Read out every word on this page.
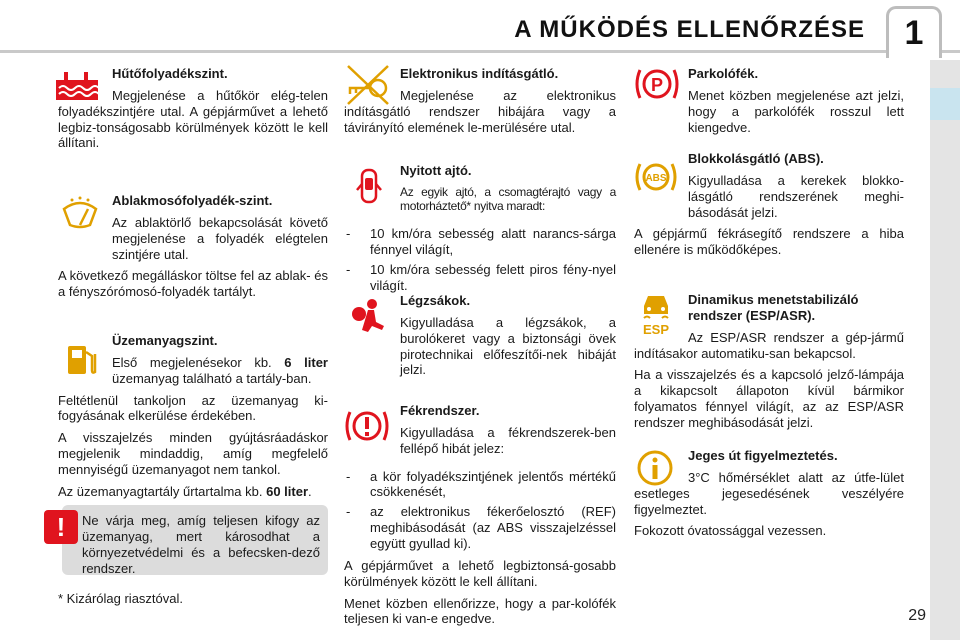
A MŰKÖDÉS ELLENŐRZÉSE	1
Hűtőfolyadékszint.

Megjelenése a hűtőkör elég-telen folyadékszintjére utal. A gépjárművet a lehető legbiz-tonságosabb körülmények között le kell állítani.

Ablakmosófolyadék-szint.

Az ablaktörlő bekapcsolását követő megjelenése a folyadék elégtelen szintjére utal.

A következő megálláskor töltse fel az ablak- és a fényszórómosó-folyadék tartályt.

Üzemanyagszint.

Első megjelenésekor kb. 6 liter üzemanyag található a tartály-ban.

Feltétlenül tankoljon az üzemanyag ki-fogyásának elkerülése érdekében.

A visszajelzés minden gyújtásráadáskor megjelenik mindaddig, amíg megfelelő mennyiségű üzemanyagot nem tankol.

Az üzemanyagtartály űrtartalma kb. 60 liter.

Ne várja meg, amíg teljesen kifogy az üzemanyag, mert károsodhat a környezetvédelmi és a befecsken-dező rendszer.

!
* Kizárólag riasztóval.
Elektronikus indításgátló.

Megjelenése az elektronikus indításgátló rendszer hibájára vagy a távirányító elemének le-merülésére utal.

Nyitott ajtó.

Az egyik ajtó, a csomagtérajtó vagy a motorháztető* nyitva maradt:

- 10 km/óra sebesség alatt narancs-sárga fénnyel világít,

- 10 km/óra sebesség felett piros fény-nyel világít.

Légzsákok.

Kigyulladása a légzsákok, a burolókeret vagy a biztonsági övek pirotechnikai előfeszítői-nek hibáját jelzi.

Fékrendszer.

Kigyulladása a fékrendszerek-ben fellépő hibát jelez:

- a kör folyadékszintjének jelentős mértékű csökkenését,

- az elektronikus fékerőelosztó (REF) meghibásodását (az ABS visszajelzéssel együtt gyullad ki).

A gépjárművet a lehető legbiztonsá-gosabb körülmények között le kell állítani.

Menet közben ellenőrizze, hogy a par-kolófék teljesen ki van-e engedve.

P
Parkolófék.

Menet közben megjelenése azt jelzi, hogy a parkolófék rosszul lett kiengedve.

ABS
Blokkolásgátló (ABS).

Kigyulladása a kerekek blokko-lásgátló rendszerének meghi-básodását jelzi.

A gépjármű fékrásegítő rendszere a hiba ellenére is működőképes.

ESP
Dinamikus menetstabilizáló rendszer (ESP/ASR).

Az ESP/ASR rendszer a gép-jármű indításakor automatiku-san bekapcsol.

Ha a visszajelzés és a kapcsoló jelző-lámpája a kikapcsolt állapoton kívül bármikor folyamatos fénnyel világít, az az ESP/ASR rendszer meghibásodását jelzi.

Jeges út figyelmeztetés.

3°C hőmérséklet alatt az útfe-lület esetleges jegesedésének veszélyére figyelmeztet.

Fokozott óvatossággal vezessen.

29
